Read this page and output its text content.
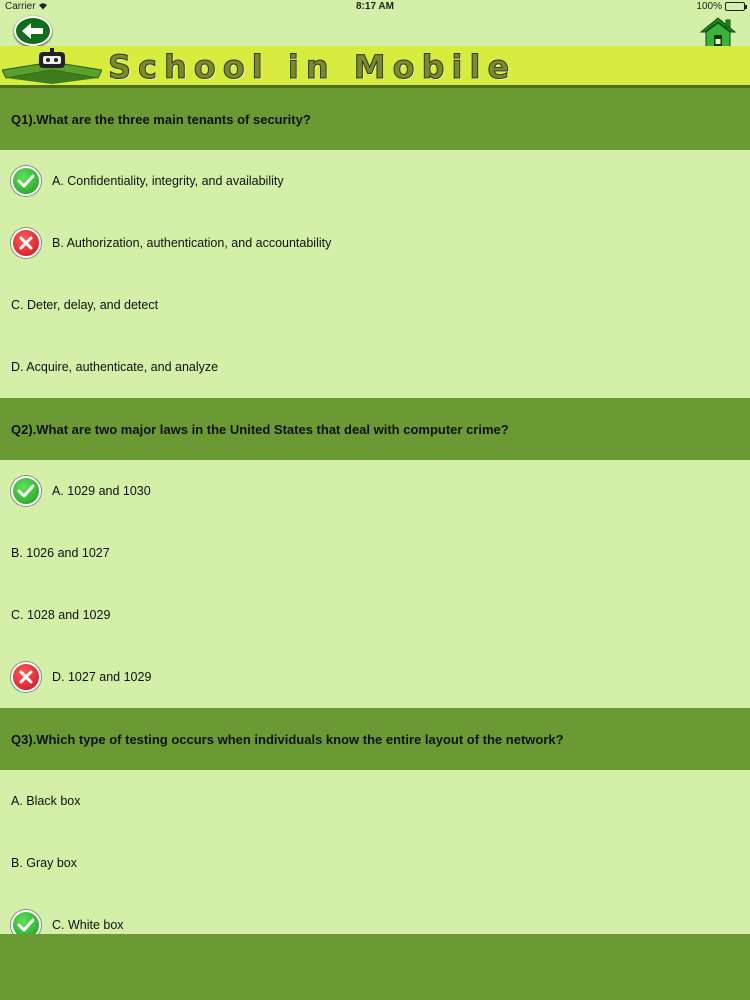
Carrier	8:17 AM	100%
School in Mobile
Q1).What are the three main tenants of security?
A. Confidentiality, integrity, and availability
B. Authorization, authentication, and accountability
C. Deter, delay, and detect
D. Acquire, authenticate, and analyze
Q2).What are two major laws in the United States that deal with computer crime?
A. 1029 and 1030
B. 1026 and 1027
C. 1028 and 1029
D. 1027 and 1029
Q3).Which type of testing occurs when individuals know the entire layout of the network?
A. Black box
B. Gray box
C. White box
